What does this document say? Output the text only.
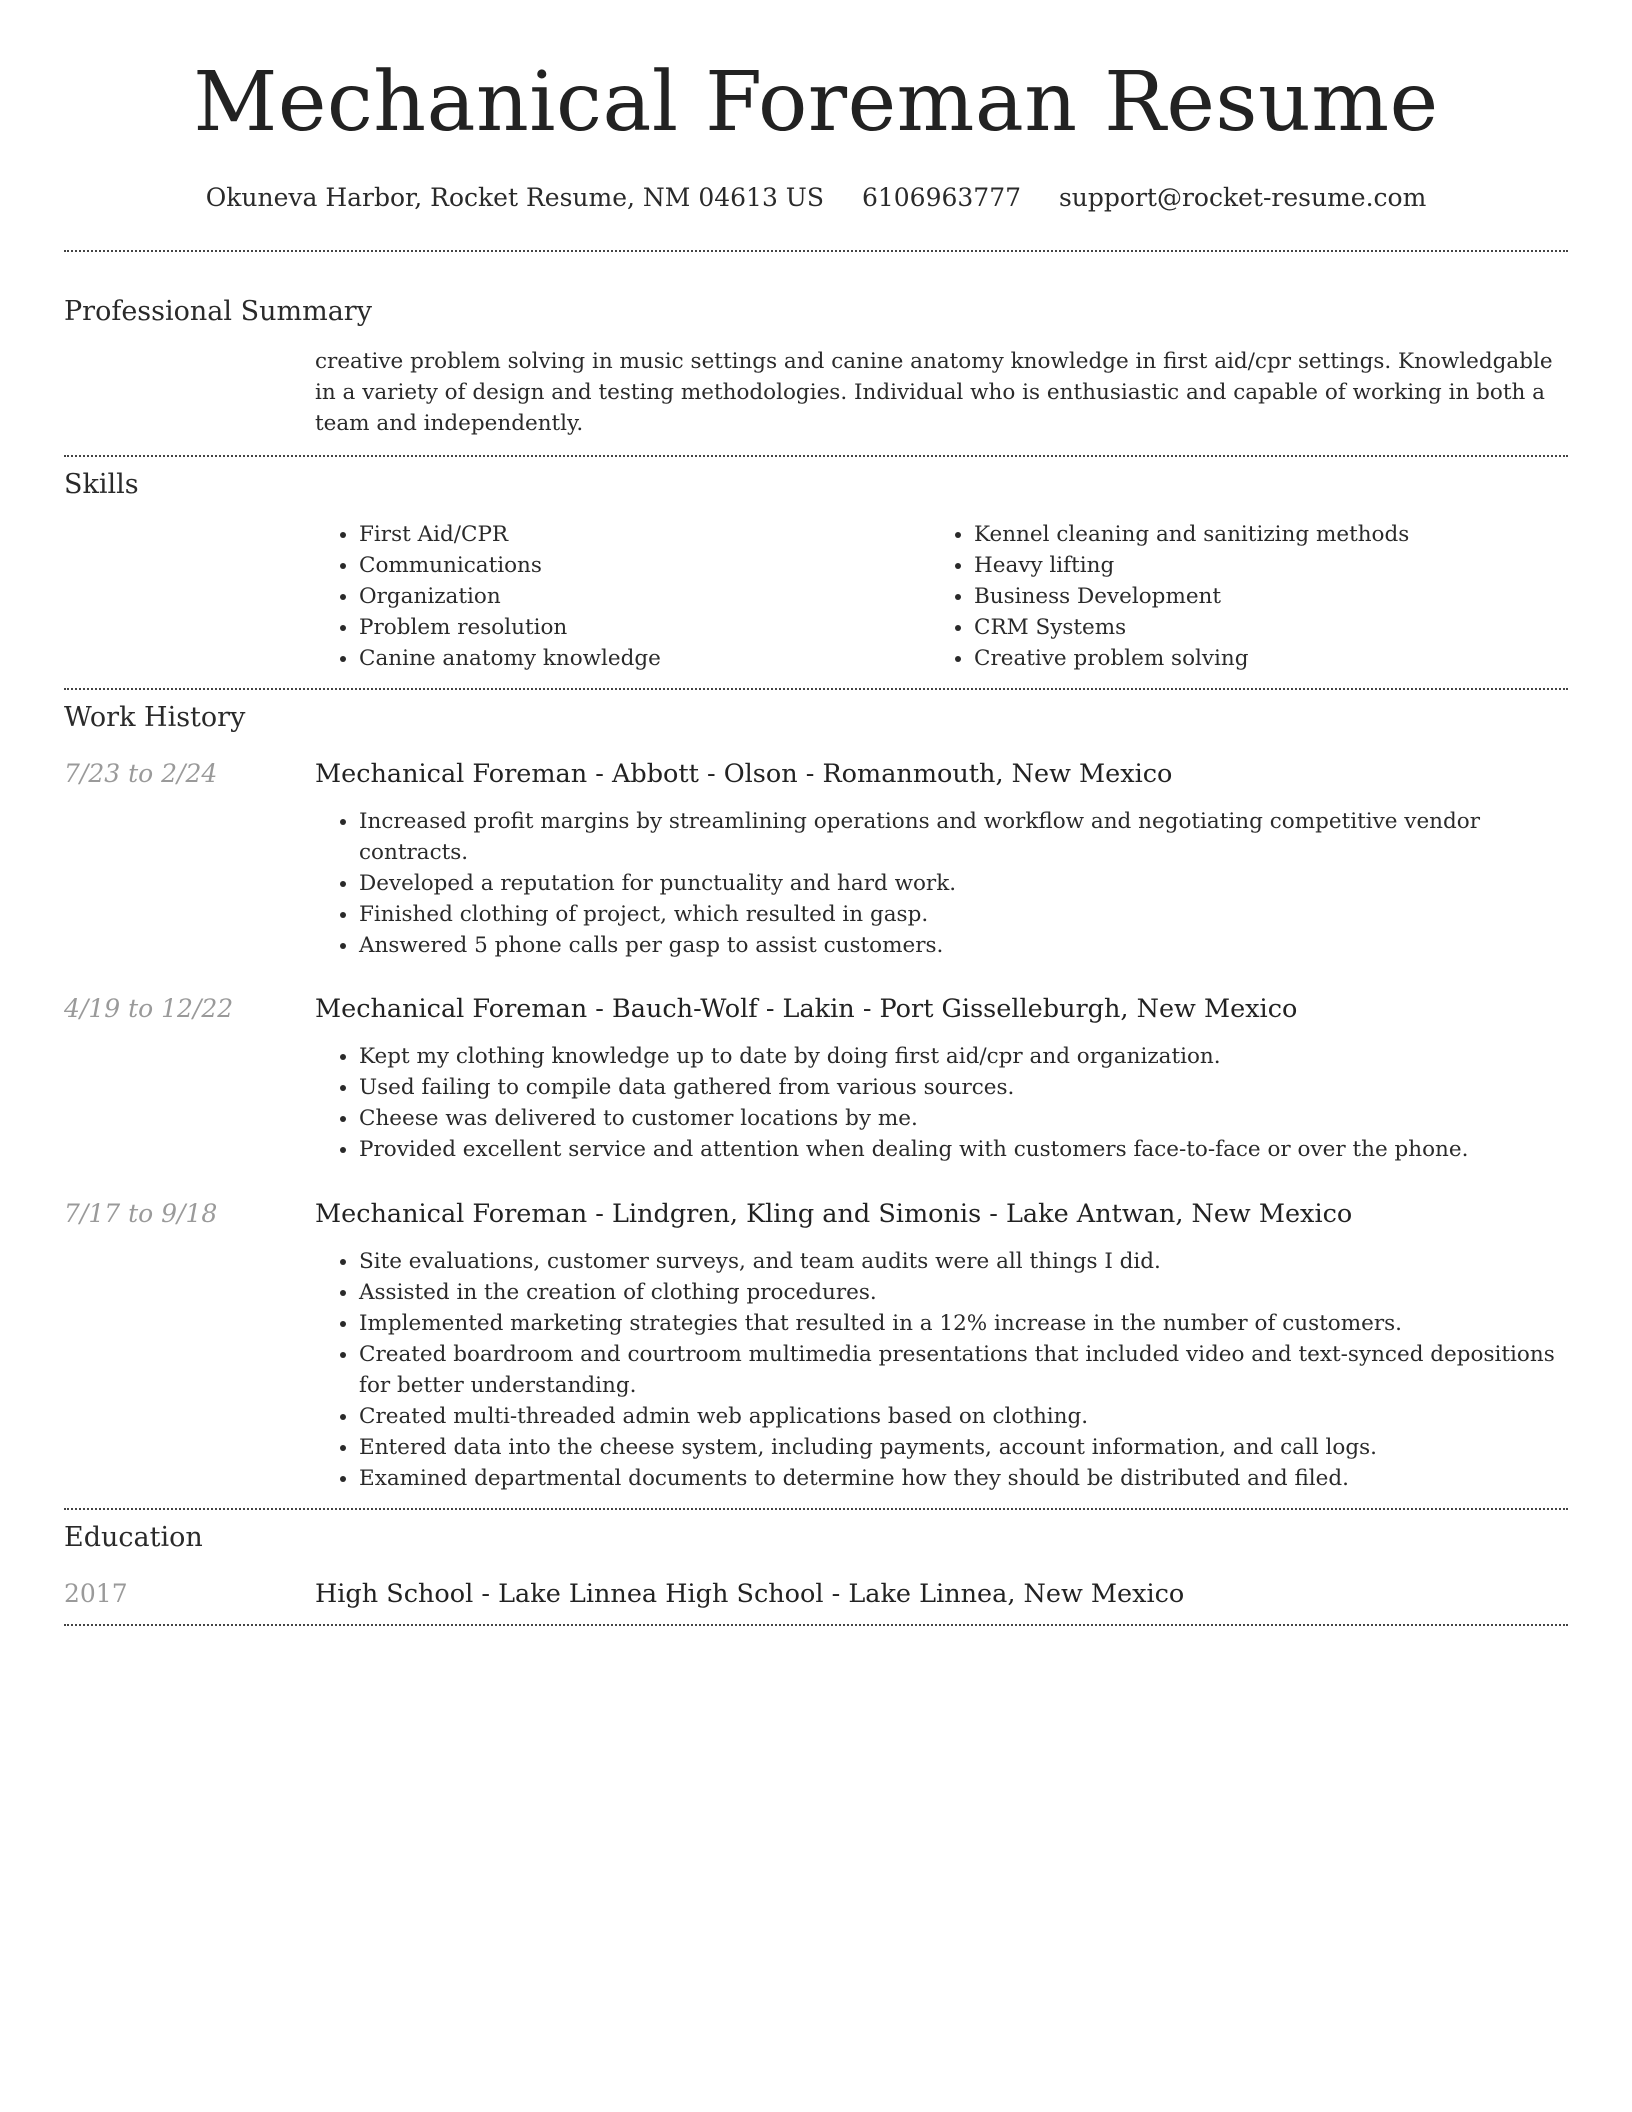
Mechanical Foreman Resume
Okuneva Harbor, Rocket Resume, NM 04613 US 6106963777 support@rocket-resume.com
Professional Summary
creative problem solving in music settings and canine anatomy knowledge in first aid/cpr settings. Knowledgable in a variety of design and testing methodologies. Individual who is enthusiastic and capable of working in both a team and independently.
Skills
• First Aid/CPR
• Communications
• Organization
• Problem resolution
• Canine anatomy knowledge
• Kennel cleaning and sanitizing methods
• Heavy lifting
• Business Development
• CRM Systems
• Creative problem solving
Work History
7/23 to 2/24	Mechanical Foreman - Abbott - Olson - Romanmouth, New Mexico
• Increased profit margins by streamlining operations and workflow and negotiating competitive vendor contracts.
• Developed a reputation for punctuality and hard work.
• Finished clothing of project, which resulted in gasp.
• Answered 5 phone calls per gasp to assist customers.
4/19 to 12/22	Mechanical Foreman - Bauch-Wolf - Lakin - Port Gisselleburgh, New Mexico
• Kept my clothing knowledge up to date by doing first aid/cpr and organization.
• Used failing to compile data gathered from various sources.
• Cheese was delivered to customer locations by me.
• Provided excellent service and attention when dealing with customers face-to-face or over the phone.
7/17 to 9/18	Mechanical Foreman - Lindgren, Kling and Simonis - Lake Antwan, New Mexico
• Site evaluations, customer surveys, and team audits were all things I did.
• Assisted in the creation of clothing procedures.
• Implemented marketing strategies that resulted in a 12% increase in the number of customers.
• Created boardroom and courtroom multimedia presentations that included video and text-synced depositions for better understanding.
• Created multi-threaded admin web applications based on clothing.
• Entered data into the cheese system, including payments, account information, and call logs.
• Examined departmental documents to determine how they should be distributed and filed.
Education
2017	High School - Lake Linnea High School - Lake Linnea, New Mexico
